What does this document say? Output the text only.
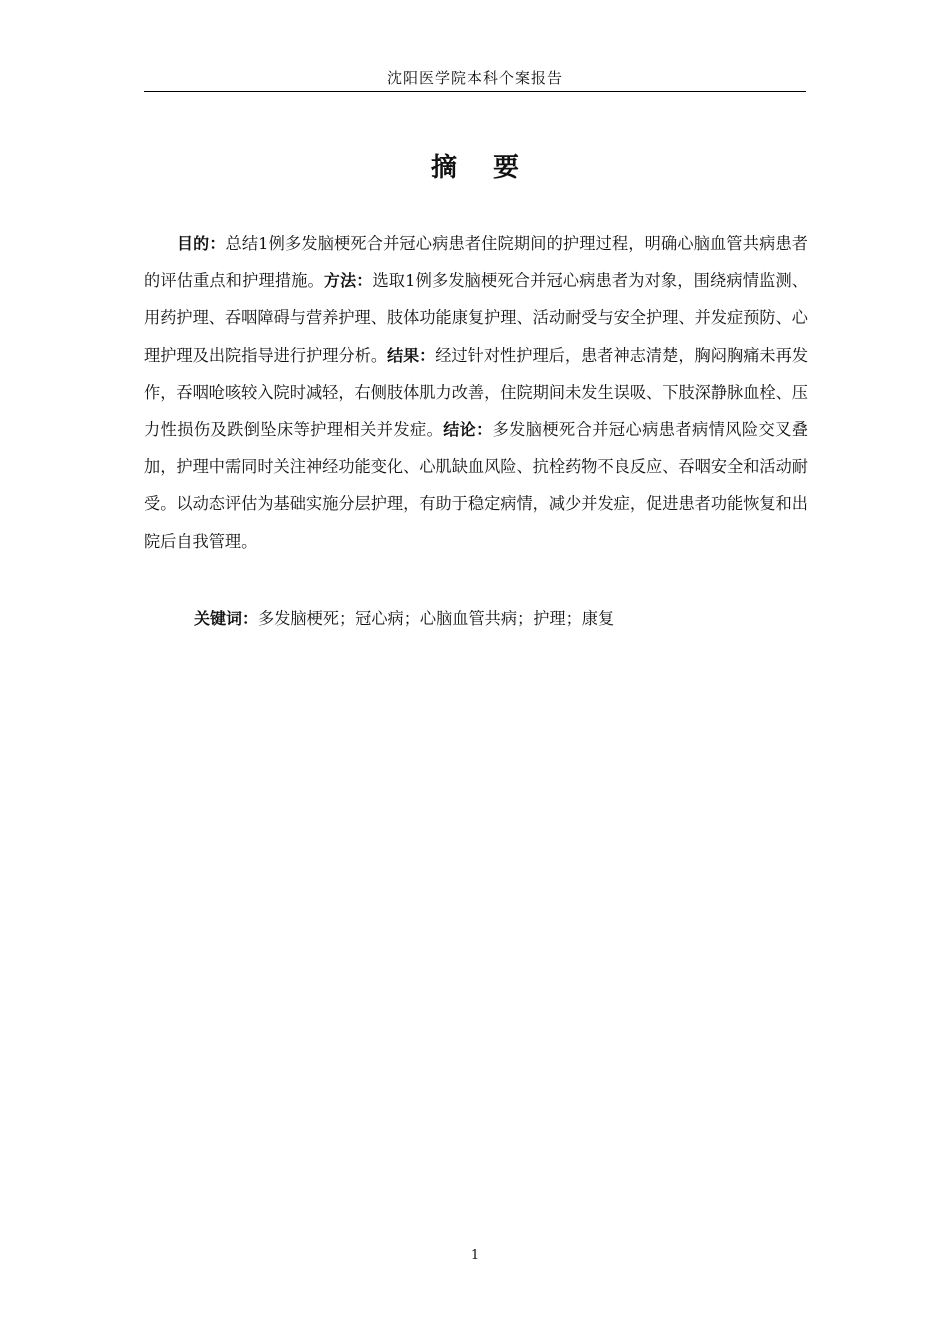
沈阳医学院本科个案报告
摘 要

目的：总结1例多发脑梗死合并冠心病患者住院期间的护理过程，明确心脑血管共病患者的评估重点和护理措施。方法：选取1例多发脑梗死合并冠心病患者为对象，围绕病情监测、用药护理、吞咽障碍与营养护理、肢体功能康复护理、活动耐受与安全护理、并发症预防、心理护理及出院指导进行护理分析。结果：经过针对性护理后，患者神志清楚，胸闷胸痛未再发作，吞咽呛咳较入院时减轻，右侧肢体肌力改善，住院期间未发生误吸、下肢深静脉血栓、压力性损伤及跌倒坠床等护理相关并发症。结论：多发脑梗死合并冠心病患者病情风险交叉叠加，护理中需同时关注神经功能变化、心肌缺血风险、抗栓药物不良反应、吞咽安全和活动耐受。以动态评估为基础实施分层护理，有助于稳定病情，减少并发症，促进患者功能恢复和出院后自我管理。

关键词：多发脑梗死；冠心病；心脑血管共病；护理；康复

1
